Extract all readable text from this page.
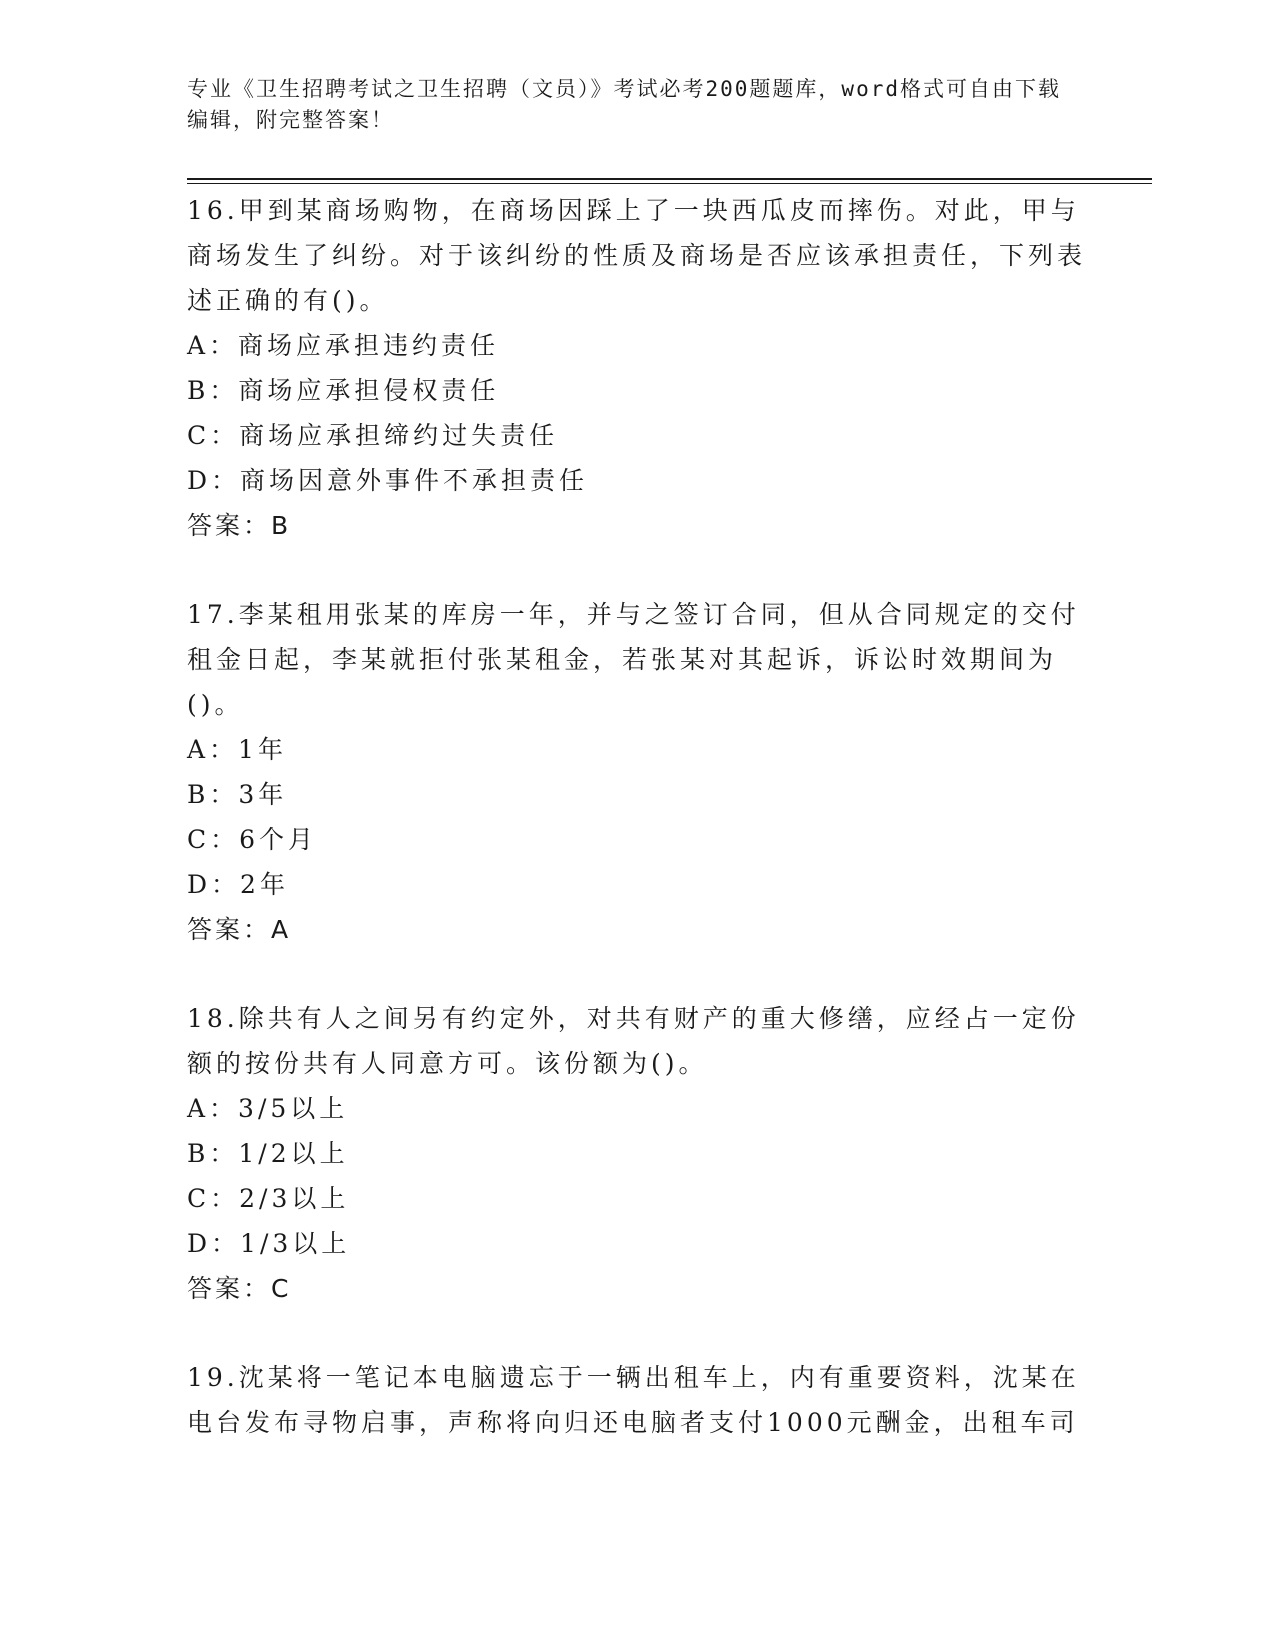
专业《卫生招聘考试之卫生招聘（文员）》考试必考200题题库，word格式可自由下载编辑，附完整答案！

16.甲到某商场购物，在商场因踩上了一块西瓜皮而摔伤。对此，甲与商场发生了纠纷。对于该纠纷的性质及商场是否应该承担责任，下列表述正确的有()。

A：商场应承担违约责任

B：商场应承担侵权责任

C：商场应承担缔约过失责任

D：商场因意外事件不承担责任

答案：B

17.李某租用张某的库房一年，并与之签订合同，但从合同规定的交付租金日起，李某就拒付张某租金，若张某对其起诉，诉讼时效期间为()。

A：1年

B：3年

C：6个月

D：2年

答案：A

18.除共有人之间另有约定外，对共有财产的重大修缮，应经占一定份额的按份共有人同意方可。该份额为()。

A：3/5以上

B：1/2以上

C：2/3以上

D：1/3以上

答案：C

19.沈某将一笔记本电脑遗忘于一辆出租车上，内有重要资料，沈某在电台发布寻物启事，声称将向归还电脑者支付1000元酬金，出租车司
